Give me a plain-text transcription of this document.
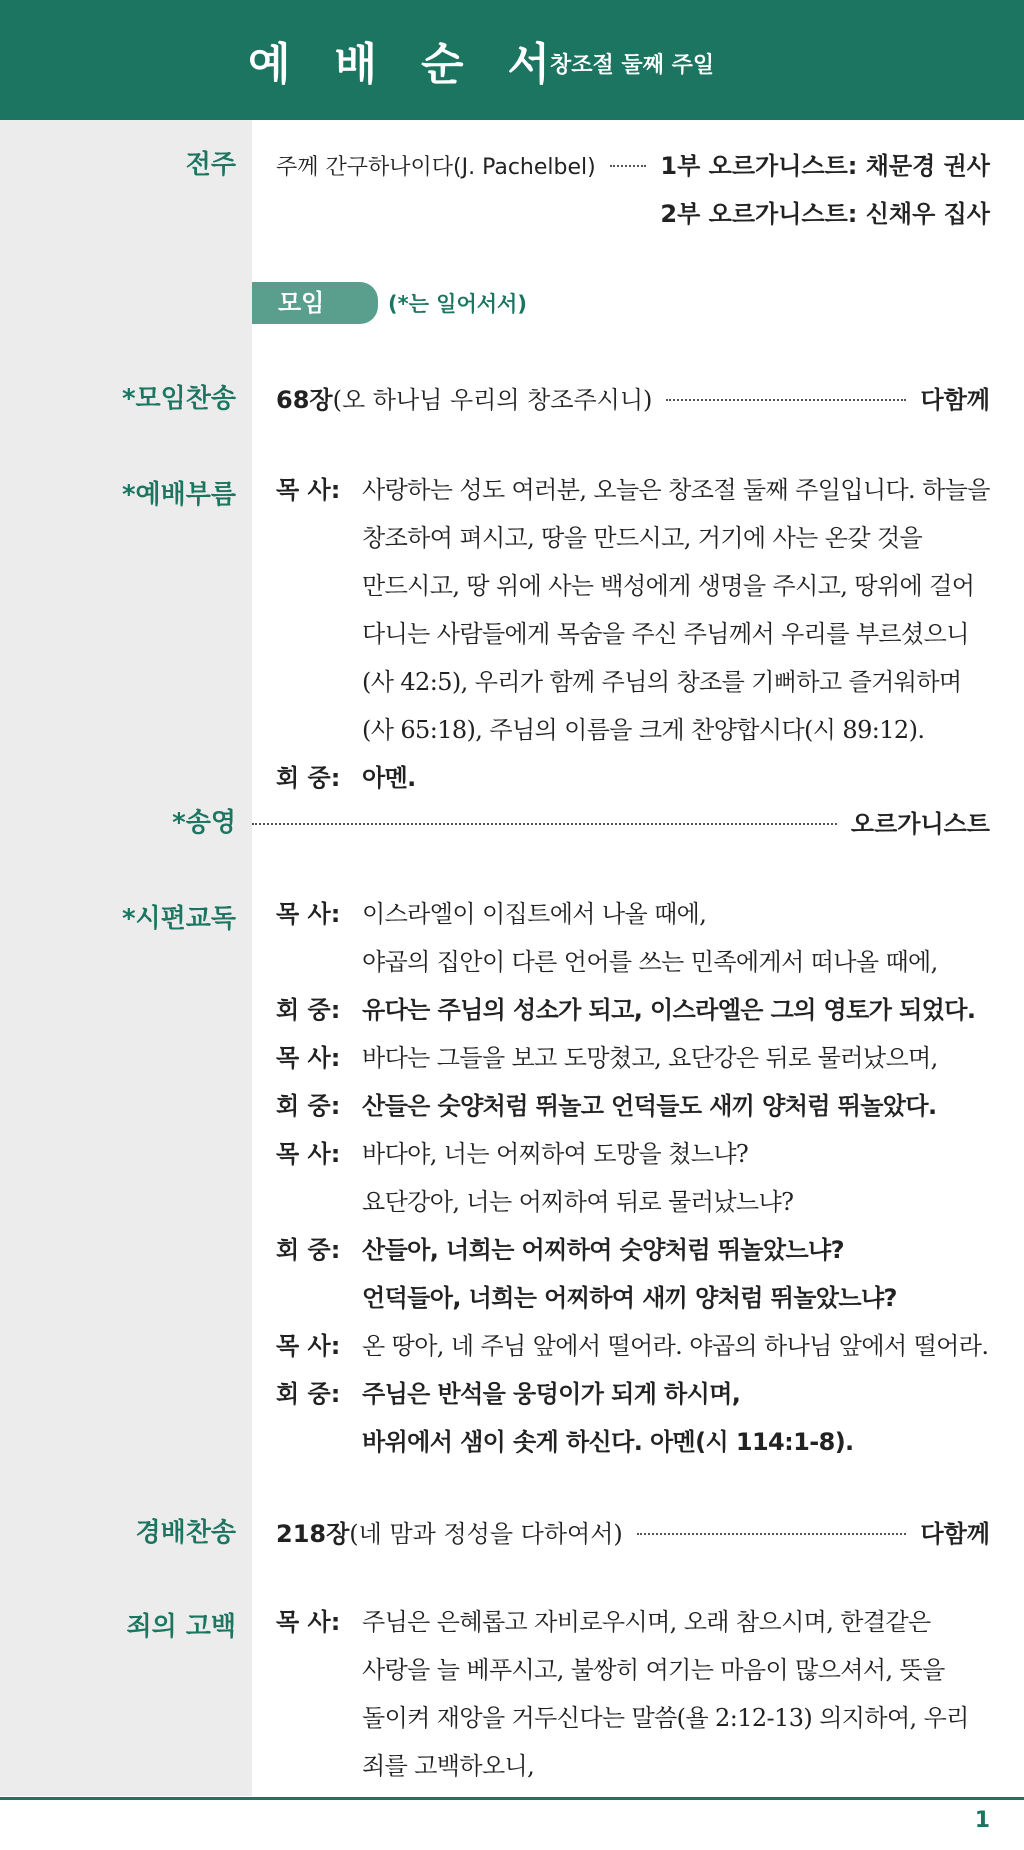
예배순서
창조절 둘째 주일
전주 주께 간구하나이다(J. Pachelbel)	1부 오르가니스트: 채문경 권사
2부 오르가니스트: 신채우 집사
모임	(*는 일어서서)
*모임찬송 68장 (오 하나님 우리의 창조주시니)	다함께
*예배부름 목 사: 사랑하는 성도 여러분, 오늘은 창조절 둘째 주일입니다. 하늘을
창조하여 펴시고, 땅을 만드시고, 거기에 사는 온갖 것을
만드시고, 땅 위에 사는 백성에게 생명을 주시고, 땅위에 걸어
다니는 사람들에게 목숨을 주신 주님께서 우리를 부르셨으니
(사 42:5), 우리가 함께 주님의 창조를 기뻐하고 즐거워하며
(사 65:18), 주님의 이름을 크게 찬양합시다(시 89:12).
회 중: 아멘.
*송영	오르가니스트
*시편교독 목 사: 이스라엘이 이집트에서 나올 때에,
야곱의 집안이 다른 언어를 쓰는 민족에게서 떠나올 때에,
회 중: 유다는 주님의 성소가 되고, 이스라엘은 그의 영토가 되었다.
목 사: 바다는 그들을 보고 도망쳤고, 요단강은 뒤로 물러났으며,
회 중: 산들은 숫양처럼 뛰놀고 언덕들도 새끼 양처럼 뛰놀았다.
목 사: 바다야, 너는 어찌하여 도망을 쳤느냐?
요단강아, 너는 어찌하여 뒤로 물러났느냐?
회 중: 산들아, 너희는 어찌하여 숫양처럼 뛰놀았느냐?
언덕들아, 너희는 어찌하여 새끼 양처럼 뛰놀았느냐?
목 사: 온 땅아, 네 주님 앞에서 떨어라. 야곱의 하나님 앞에서 떨어라.
회 중: 주님은 반석을 웅덩이가 되게 하시며,
바위에서 샘이 솟게 하신다. 아멘(시 114:1-8).
경배찬송 218장 (네 맘과 정성을 다하여서)	다함께
죄의 고백 목 사: 주님은 은혜롭고 자비로우시며, 오래 참으시며, 한결같은
사랑을 늘 베푸시고, 불쌍히 여기는 마음이 많으셔서, 뜻을
돌이켜 재앙을 거두신다는 말씀(욜 2:12-13) 의지하여, 우리
죄를 고백하오니,
1
